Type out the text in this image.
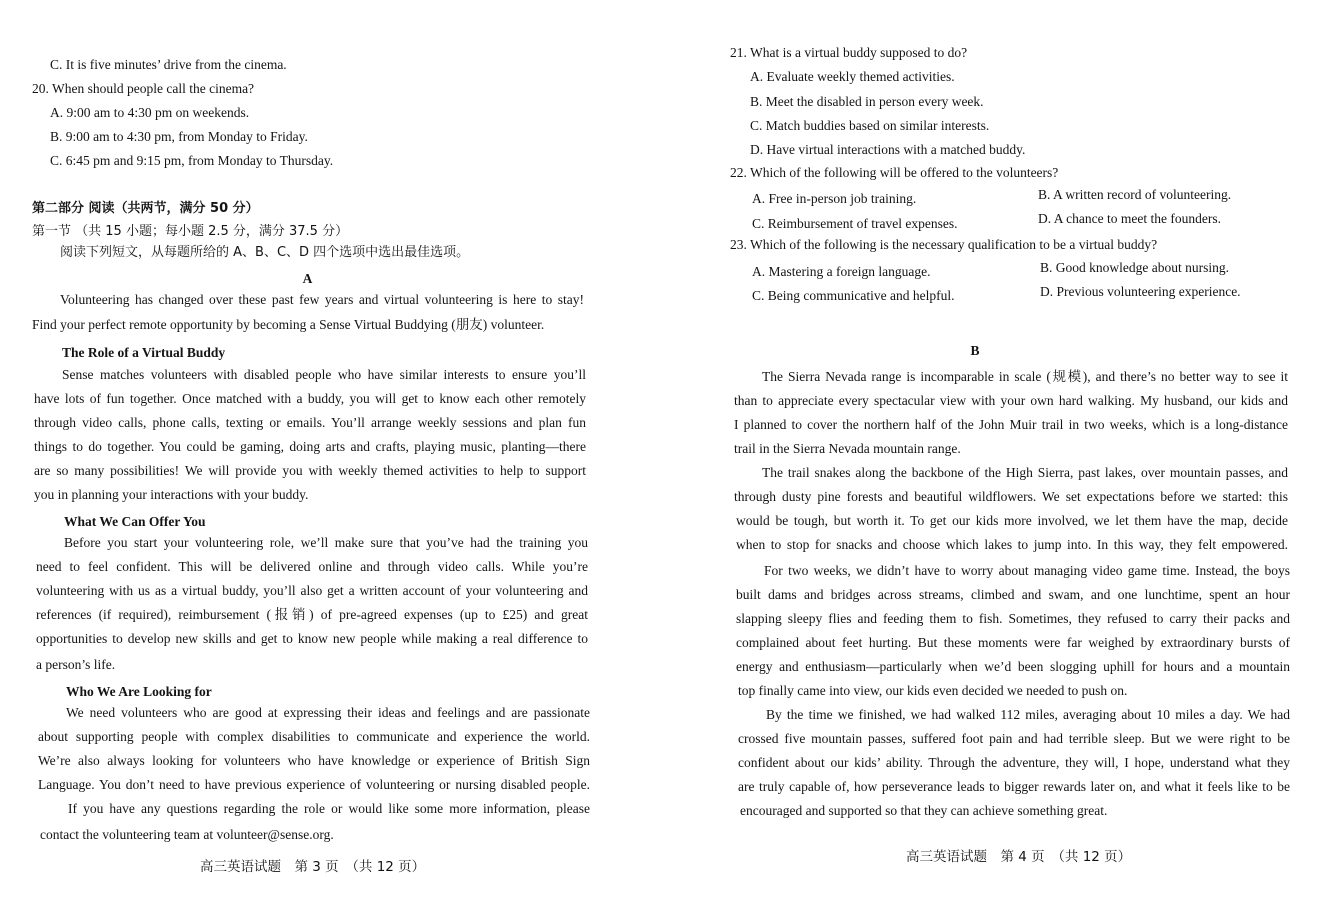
C. It is five minutes’ drive from the cinema.
20. When should people call the cinema?
A. 9:00 am to 4:30 pm on weekends.
B. 9:00 am to 4:30 pm, from Monday to Friday.
C. 6:45 pm and 9:15 pm, from Monday to Thursday.
第二部分 阅读（共两节，满分 50 分）
第一节 （共 15 小题；每小题 2.5 分，满分 37.5 分）
阅读下列短文，从每题所给的 A、B、C、D 四个选项中选出最佳选项。
A
Volunteering has changed over these past few years and virtual volunteering is here to stay!
Find your perfect remote opportunity by becoming a Sense Virtual Buddying (朋友) volunteer.
The Role of a Virtual Buddy
Sense matches volunteers with disabled people who have similar interests to ensure you’ll
have lots of fun together. Once matched with a buddy, you will get to know each other remotely
through video calls, phone calls, texting or emails. You’ll arrange weekly sessions and plan fun
things to do together. You could be gaming, doing arts and crafts, playing music, planting—there
are so many possibilities! We will provide you with weekly themed activities to help to support
you in planning your interactions with your buddy.
What We Can Offer You
Before you start your volunteering role, we’ll make sure that you’ve had the training you
need to feel confident. This will be delivered online and through video calls. While you’re
volunteering with us as a virtual buddy, you’ll also get a written account of your volunteering and
references (if required), reimbursement (报销) of pre-agreed expenses (up to £25) and great
opportunities to develop new skills and get to know new people while making a real difference to
a person’s life.
Who We Are Looking for
We need volunteers who are good at expressing their ideas and feelings and are passionate
about supporting people with complex disabilities to communicate and experience the world.
We’re also always looking for volunteers who have knowledge or experience of British Sign
Language. You don’t need to have previous experience of volunteering or nursing disabled people.
If you have any questions regarding the role or would like some more information, please
contact the volunteering team at volunteer@sense.org.
高三英语试题　第 3 页　（共 12 页）
21. What is a virtual buddy supposed to do?
A. Evaluate weekly themed activities.
B. Meet the disabled in person every week.
C. Match buddies based on similar interests.
D. Have virtual interactions with a matched buddy.
22. Which of the following will be offered to the volunteers?
A. Free in-person job training.	B. A written record of volunteering.
C. Reimbursement of travel expenses.	D. A chance to meet the founders.
23. Which of the following is the necessary qualification to be a virtual buddy?
A. Mastering a foreign language.	B. Good knowledge about nursing.
C. Being communicative and helpful.	D. Previous volunteering experience.
B
The Sierra Nevada range is incomparable in scale (规模), and there’s no better way to see it
than to appreciate every spectacular view with your own hard walking. My husband, our kids and
I planned to cover the northern half of the John Muir trail in two weeks, which is a long-distance
trail in the Sierra Nevada mountain range.
The trail snakes along the backbone of the High Sierra, past lakes, over mountain passes, and
through dusty pine forests and beautiful wildflowers. We set expectations before we started: this
would be tough, but worth it. To get our kids more involved, we let them have the map, decide
when to stop for snacks and choose which lakes to jump into. In this way, they felt empowered.
For two weeks, we didn’t have to worry about managing video game time. Instead, the boys
built dams and bridges across streams, climbed and swam, and one lunchtime, spent an hour
slapping sleepy flies and feeding them to fish. Sometimes, they refused to carry their packs and
complained about feet hurting. But these moments were far weighed by extraordinary bursts of
energy and enthusiasm—particularly when we’d been slogging uphill for hours and a mountain
top finally came into view, our kids even decided we needed to push on.
By the time we finished, we had walked 112 miles, averaging about 10 miles a day. We had
crossed five mountain passes, suffered foot pain and had terrible sleep. But we were right to be
confident about our kids’ ability. Through the adventure, they will, I hope, understand what they
are truly capable of, how perseverance leads to bigger rewards later on, and what it feels like to be
encouraged and supported so that they can achieve something great.
高三英语试题　第 4 页　（共 12 页）
